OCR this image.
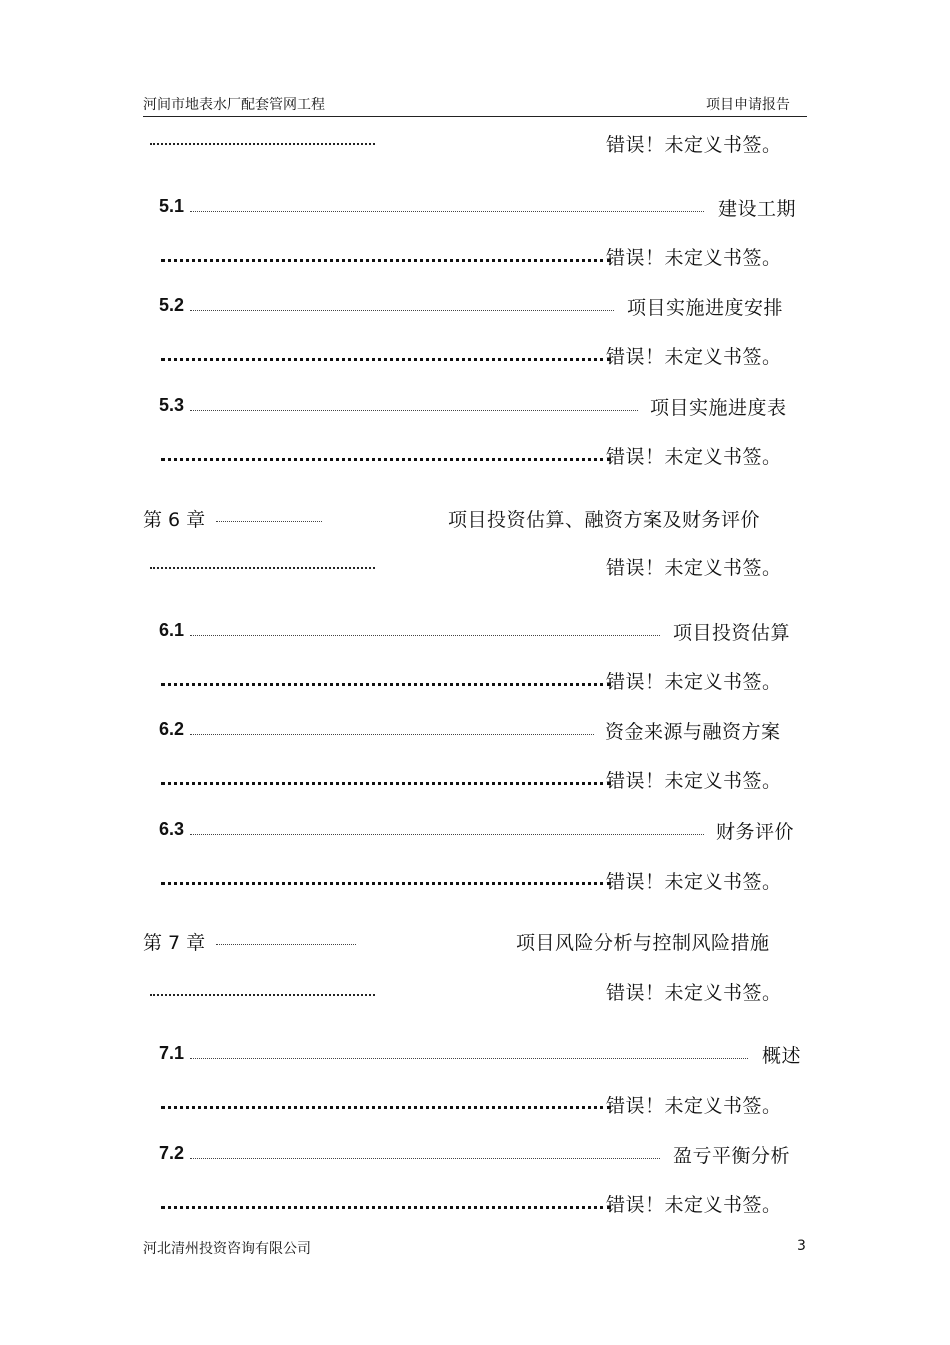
河间市地表水厂配套管网工程	项目申请报告
错误！未定义书签。
5.1	建设工期
错误！未定义书签。
5.2	项目实施进度安排
错误！未定义书签。
5.3	项目实施进度表
错误！未定义书签。
第 6 章	项目投资估算、融资方案及财务评价
错误！未定义书签。
6.1	项目投资估算
错误！未定义书签。
6.2	资金来源与融资方案
错误！未定义书签。
6.3	财务评价
错误！未定义书签。
第 7 章	项目风险分析与控制风险措施
错误！未定义书签。
7.1	概述
错误！未定义书签。
7.2	盈亏平衡分析
错误！未定义书签。
河北清州投资咨询有限公司	3
